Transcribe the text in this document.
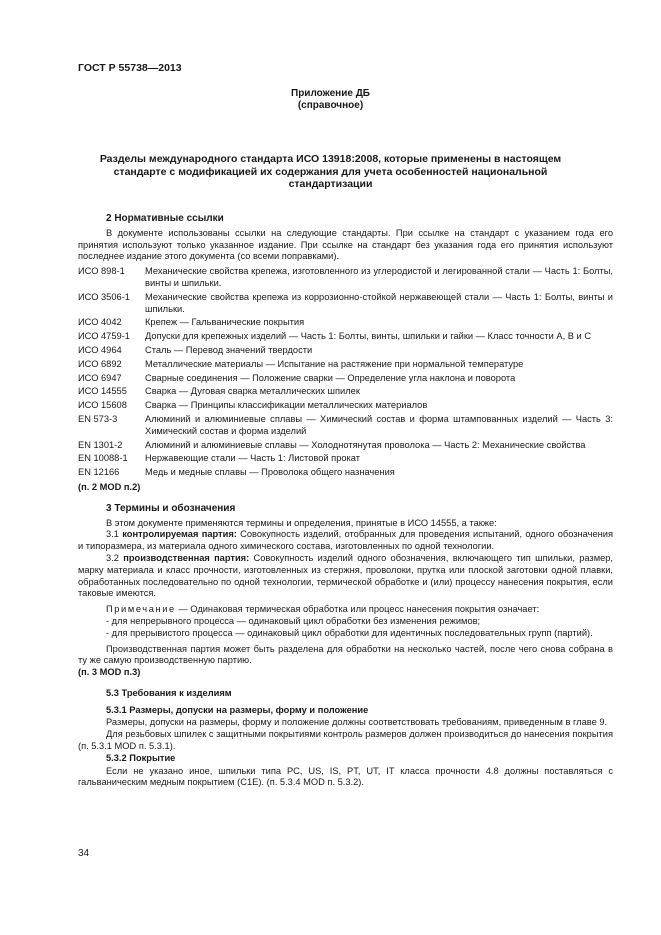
ГОСТ Р 55738—2013
Приложение ДБ
(справочное)
Разделы международного стандарта ИСО 13918:2008, которые применены в настоящем стандарте с модификацией их содержания для учета особенностей национальной стандартизации
2 Нормативные ссылки

В документе использованы ссылки на следующие стандарты. При ссылке на стандарт с указанием года его принятия используют только указанное издание. При ссылке на стандарт без указания года его принятия используют последнее издание этого документа (со всеми поправками).

ИСО 898-1	Механические свойства крепежа, изготовленного из углеродистой и легированной стали — Часть 1: Болты, винты и шпильки.
ИСО 3506-1	Механические свойства крепежа из коррозионно-стойкой нержавеющей стали — Часть 1: Болты, винты и шпильки.
ИСО 4042	Крепеж — Гальванические покрытия
ИСО 4759-1	Допуски для крепежных изделий — Часть 1: Болты, винты, шпильки и гайки — Класс точности А, В и С
ИСО 4964	Сталь — Перевод значений твердости
ИСО 6892	Металлические материалы — Испытание на растяжение при нормальной температуре
ИСО 6947	Сварные соединения — Положение сварки — Определение угла наклона и поворота
ИСО 14555	Сварка — Дуговая сварка металлических шпилек
ИСО 15608	Сварка — Принципы классификации металлических материалов
EN 573-3	Алюминий и алюминиевые сплавы — Химический состав и форма штампованных изделий — Часть 3: Химический состав и форма изделий
EN 1301-2	Алюминий и алюминиевые сплавы — Холоднотянутая проволока — Часть 2: Механические свойства
EN 10088-1	Нержавеющие стали — Часть 1: Листовой прокат
EN 12166	Медь и медные сплавы — Проволока общего назначения

(п. 2 MOD п.2)

3 Термины и обозначения

В этом документе применяются термины и определения, принятые в ИСО 14555, а также:

3.1 контролируемая партия: Совокупность изделий, отобранных для проведения испытаний, одного обозначения и типоразмера, из материала одного химического состава, изготовленных по одной технологии.

3.2 производственная партия: Совокупность изделий одного обозначения, включающего тип шпильки, размер, марку материала и класс прочности, изготовленных из стержня, проволоки, прутка или плоской заготовки одной плавки, обработанных последовательно по одной технологии, термической обработке и (или) процессу нанесения покрытия, если таковые имеются.

Примечание — Одинаковая термическая обработка или процесс нанесения покрытия означает:

- для непрерывного процесса — одинаковый цикл обработки без изменения режимов;

- для прерывистого процесса — одинаковый цикл обработки для идентичных последовательных групп (партий).

Производственная партия может быть разделена для обработки на несколько частей, после чего снова собрана в ту же самую производственную партию.

(п. 3 MOD п.3)

5.3 Требования к изделиям
5.3.1 Размеры, допуски на размеры, форму и положение

Размеры, допуски на размеры, форму и положение должны соответствовать требованиям, приведенным в главе 9.

Для резьбовых шпилек с защитными покрытиями контроль размеров должен производиться до нанесения покрытия (п. 5.3.1 MOD п. 5.3.1).

5.3.2 Покрытие

Если не указано иное, шпильки типа PC, US, IS, PT, UT, IT класса прочности 4.8 должны поставляться с гальваническим медным покрытием (С1Е). (п. 5.3.4 MOD п. 5.3.2).

34
